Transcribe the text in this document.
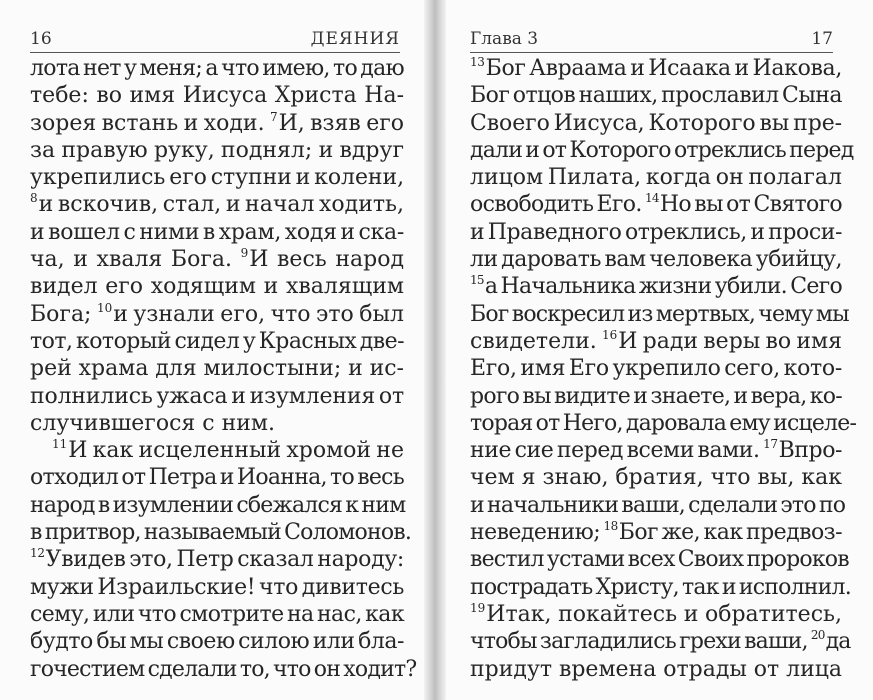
16	ДЕЯНИЯ
лота нет у меня; а что имею, то даю
тебе: во имя Иисуса Христа На-
зорея встань и ходи. $^7$И, взяв его
за правую руку, поднял; и вдруг
укрепились его ступни и колени,
$^8$и вскочив, стал, и начал ходить,
и вошел с ними в храм, ходя и ска-
ча, и хваля Бога. $^9$И весь народ
видел его ходящим и хвалящим
Бога; $^{10}$и узнали его, что это был
тот, который сидел у Красных две-
рей храма для милостыни; и ис-
полнились ужаса и изумления от
случившегося с ним.
$^{11}$И как исцеленный хромой не
отходил от Петра и Иоанна, то весь
народ в изумлении сбежался к ним
в притвор, называемый Соломонов.
$^{12}$Увидев это, Петр сказал народу:
мужи Израильские! что дивитесь
сему, или что смотрите на нас, как
будто бы мы своею силою или бла-
гочестием сделали то, что он ходит?
Глава 3	17
$^{13}$Бог Авраама и Исаака и Иакова,
Бог отцов наших, прославил Сына
Своего Иисуса, Которого вы пре-
дали и от Которого отреклись перед
лицом Пилата, когда он полагал
освободить Его. $^{14}$Но вы от Святого
и Праведного отреклись, и проси-
ли даровать вам человека убийцу,
$^{15}$а Начальника жизни убили. Сего
Бог воскресил из мертвых, чему мы
свидетели. $^{16}$И ради веры во имя
Его, имя Его укрепило сего, кото-
рого вы видите и знаете, и вера, ко-
торая от Него, даровала ему исцеле-
ние сие перед всеми вами. $^{17}$Впро-
чем я знаю, братия, что вы, как
и начальники ваши, сделали это по
неведению; $^{18}$Бог же, как предвоз-
вестил устами всех Своих пророков
пострадать Христу, так и исполнил.
$^{19}$Итак, покайтесь и обратитесь,
чтобы загладились грехи ваши, $^{20}$да
придут времена отрады от лица
